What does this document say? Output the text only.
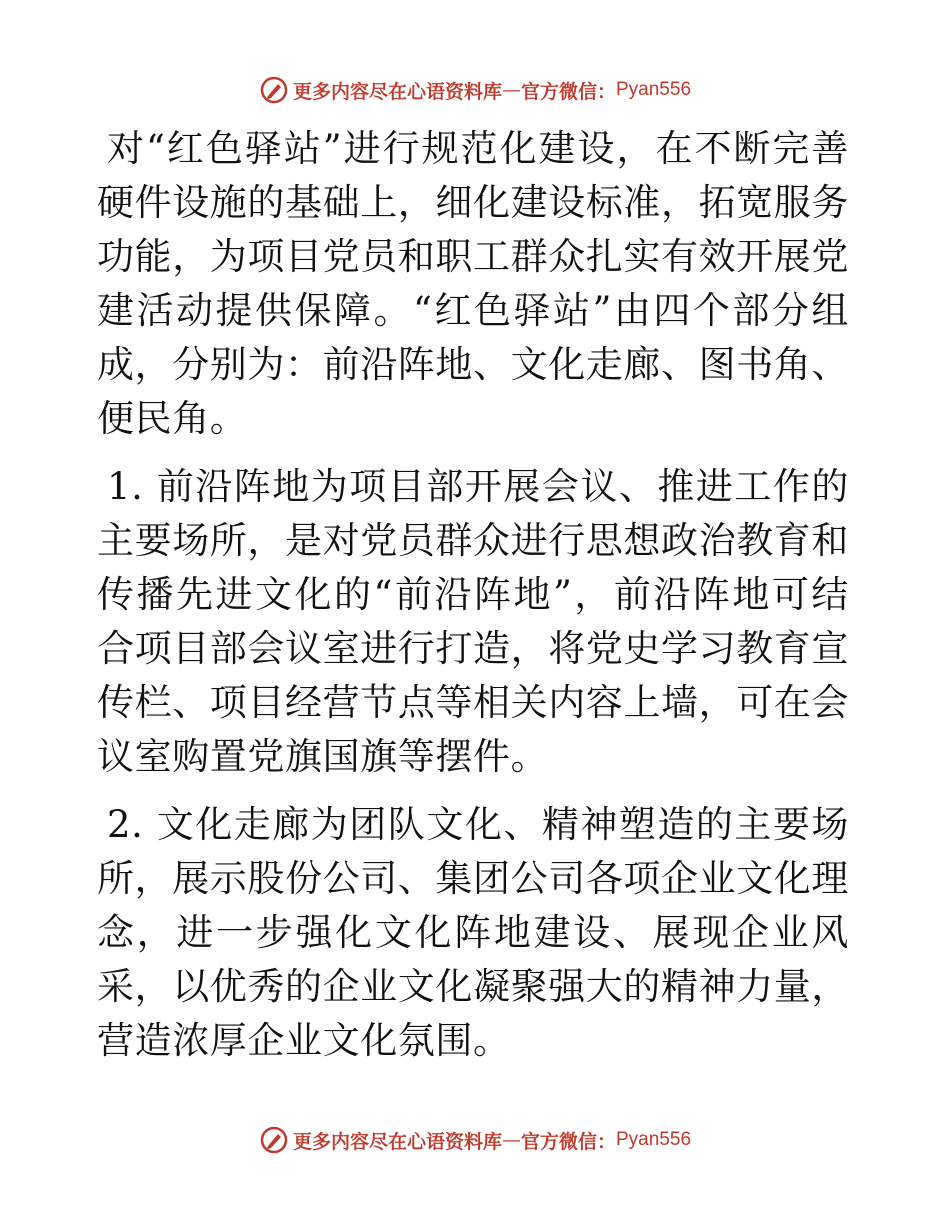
更多内容尽在心语资料库 — 官方微信： Pyan556

对“红色驿站”进行规范化建设，在不断完善硬件设施的基础上，细化建设标准，拓宽服务功能，为项目党员和职工群众扎实有效开展党建活动提供保障。“红色驿站”由四个部分组成，分别为：前沿阵地、文化走廊、图书角、便民角。

1. 前沿阵地为项目部开展会议、推进工作的主要场所，是对党员群众进行思想政治教育和传播先进文化的“前沿阵地”，前沿阵地可结合项目部会议室进行打造，将党史学习教育宣传栏、项目经营节点等相关内容上墙，可在会议室购置党旗国旗等摆件。

2. 文化走廊为团队文化、精神塑造的主要场所，展示股份公司、集团公司各项企业文化理念，进一步强化文化阵地建设、展现企业风采，以优秀的企业文化凝聚强大的精神力量，营造浓厚企业文化氛围。

更多内容尽在心语资料库 — 官方微信： Pyan556
